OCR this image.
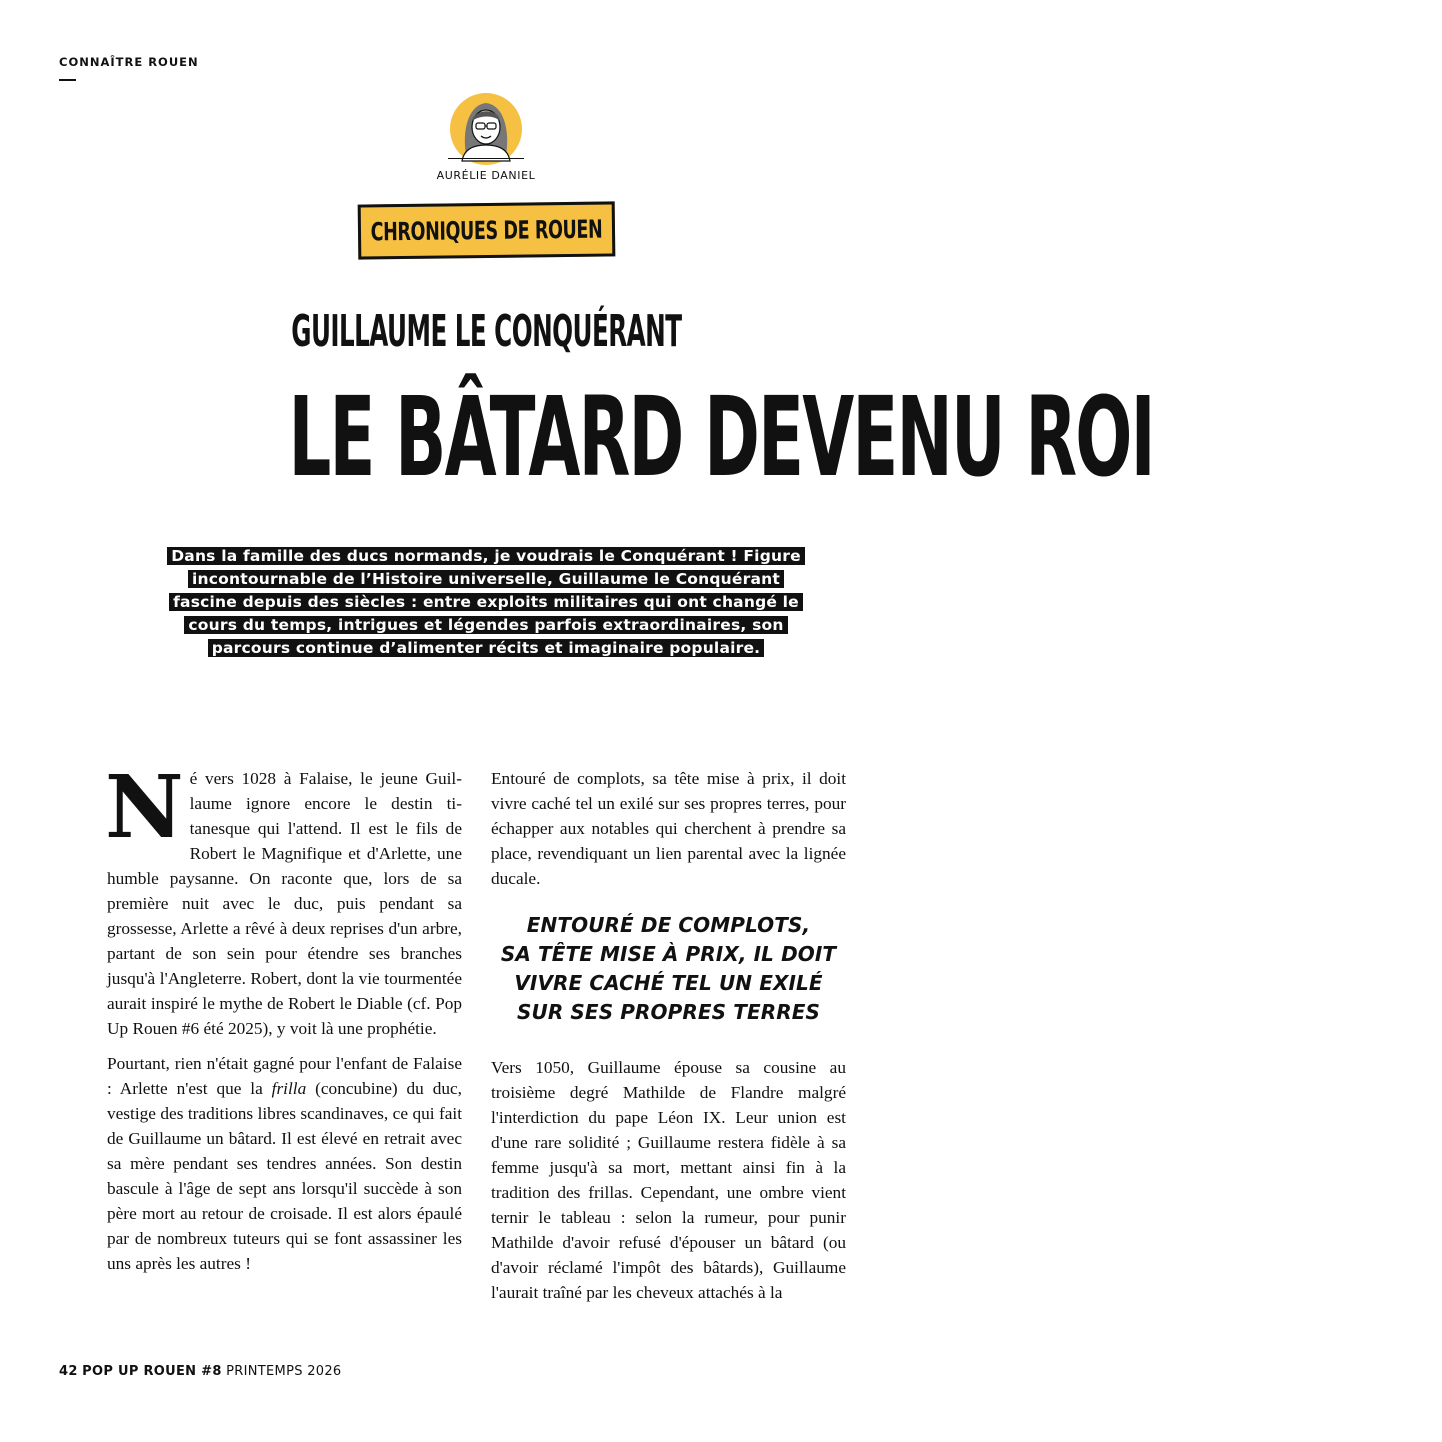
CONNAÎTRE ROUEN
AURÉLIE DANIEL
CHRONIQUES DE ROUEN
GUILLAUME LE CONQUÉRANT
LE BÂTARD DEVENU ROI
Dans la famille des ducs normands, je voudrais le Conquérant ! Figure incontournable de l’Histoire universelle, Guillaume le Conquérant fascine depuis des siècles : entre exploits militaires qui ont changé le cours du temps, intrigues et légendes parfois extraordinaires, son parcours continue d’alimenter récits et imaginaire populaire.

Né vers 1028 à Falaise, le jeune Guillaume ignore encore le destin titanesque qui l'attend. Il est le fils de Robert le Magnifique et d'Arlette, une humble paysanne. On raconte que, lors de sa première nuit avec le duc, puis pendant sa grossesse, Arlette a rêvé à deux reprises d'un arbre, partant de son sein pour étendre ses branches jusqu'à l'Angleterre. Robert, dont la vie tourmentée aurait inspiré le mythe de Robert le Diable (cf. Pop Up Rouen #6 été 2025), y voit là une prophétie.

Pourtant, rien n'était gagné pour l'enfant de Falaise : Arlette n'est que la frilla (concubine) du duc, vestige des traditions libres scandinaves, ce qui fait de Guillaume un bâtard. Il est élevé en retrait avec sa mère pendant ses tendres années. Son destin bascule à l'âge de sept ans lorsqu'il succède à son père mort au retour de croisade. Il est alors épaulé par de nombreux tuteurs qui se font assassiner les uns après les autres !

Entouré de complots, sa tête mise à prix, il doit vivre caché tel un exilé sur ses propres terres, pour échapper aux notables qui cherchent à prendre sa place, revendiquant un lien parental avec la lignée ducale.

ENTOURÉ DE COMPLOTS,
SA TÊTE MISE À PRIX, IL DOIT
VIVRE CACHÉ TEL UN EXILÉ
SUR SES PROPRES TERRES

Vers 1050, Guillaume épouse sa cousine au troisième degré Mathilde de Flandre malgré l'interdiction du pape Léon IX. Leur union est d'une rare solidité ; Guillaume restera fidèle à sa femme jusqu'à sa mort, mettant ainsi fin à la tradition des frillas. Cependant, une ombre vient ternir le tableau : selon la rumeur, pour punir Mathilde d'avoir refusé d'épouser un bâtard (ou d'avoir réclamé l'impôt des bâtards), Guillaume l'aurait traîné par les cheveux attachés à la

42 POP UP ROUEN #8 PRINTEMPS 2026
